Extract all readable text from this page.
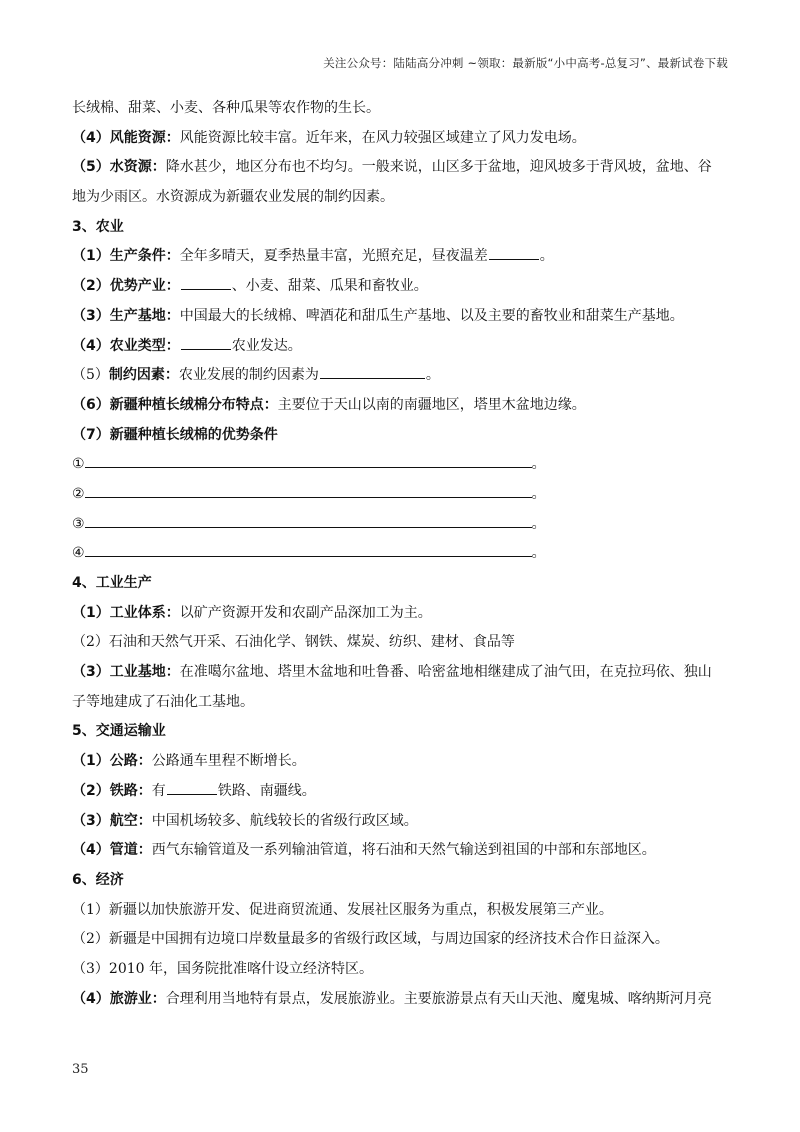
关注公众号：陆陆高分冲刺 ~领取：最新版“小中高考-总复习”、最新试卷下载
长绒棉、甜菜、小麦、各种瓜果等农作物的生长。
（4）风能资源：风能资源比较丰富。近年来，在风力较强区域建立了风力发电场。
（5）水资源：降水甚少，地区分布也不均匀。一般来说，山区多于盆地，迎风坡多于背风坡，盆地、谷
地为少雨区。水资源成为新疆农业发展的制约因素。
3、农业
（1）生产条件：全年多晴天，夏季热量丰富，光照充足，昼夜温差	。
（2）优势产业：	、小麦、甜菜、瓜果和畜牧业。
（3）生产基地：中国最大的长绒棉、啤酒花和甜瓜生产基地、以及主要的畜牧业和甜菜生产基地。
（4）农业类型：	农业发达。
（5）制约因素：农业发展的制约因素为	。
（6）新疆种植长绒棉分布特点：主要位于天山以南的南疆地区，塔里木盆地边缘。
（7）新疆种植长绒棉的优势条件
①	。
②	。
③	。
④	。
4、工业生产
（1）工业体系：以矿产资源开发和农副产品深加工为主。
（2）石油和天然气开采、石油化学、钢铁、煤炭、纺织、建材、食品等
（3）工业基地：在准噶尔盆地、塔里木盆地和吐鲁番、哈密盆地相继建成了油气田，在克拉玛依、独山
子等地建成了石油化工基地。
5、交通运输业
（1）公路：公路通车里程不断增长。
（2）铁路：有	铁路、南疆线。
（3）航空：中国机场较多、航线较长的省级行政区域。
（4）管道：西气东输管道及一系列输油管道，将石油和天然气输送到祖国的中部和东部地区。
6、经济
（1）新疆以加快旅游开发、促进商贸流通、发展社区服务为重点，积极发展第三产业。
（2）新疆是中国拥有边境口岸数量最多的省级行政区域，与周边国家的经济技术合作日益深入。
（3）2010 年，国务院批准喀什设立经济特区。
（4）旅游业：合理利用当地特有景点，发展旅游业。主要旅游景点有天山天池、魔鬼城、喀纳斯河月亮
35
